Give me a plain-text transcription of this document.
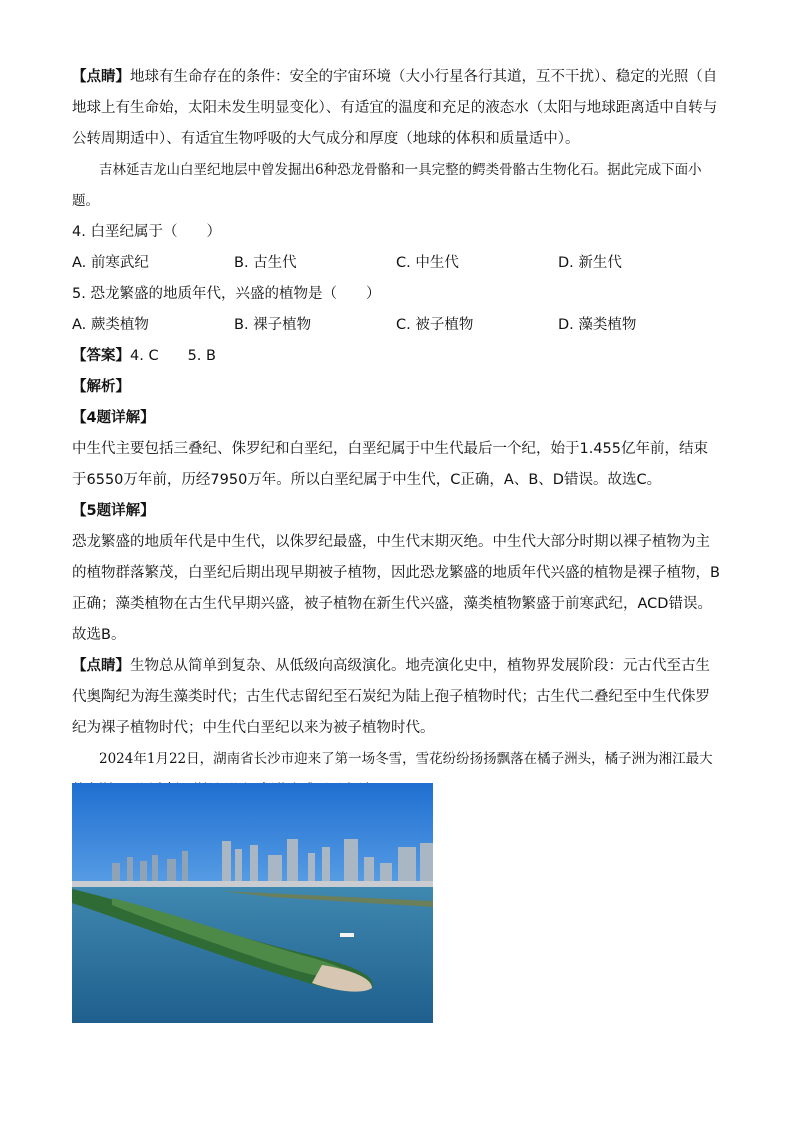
【点睛】地球有生命存在的条件：安全的宇宙环境（大小行星各行其道，互不干扰）、稳定的光照（自地球上有生命始，太阳未发生明显变化）、有适宜的温度和充足的液态水（太阳与地球距离适中自转与公转周期适中）、有适宜生物呼吸的大气成分和厚度（地球的体积和质量适中）。

吉林延吉龙山白垩纪地层中曾发掘出6种恐龙骨骼和一具完整的鳄类骨骼古生物化石。据此完成下面小题。

4. 白垩纪属于（　　）

A. 前寒武纪	B. 古生代	C. 中生代	D. 新生代

5. 恐龙繁盛的地质年代，兴盛的植物是（　　）

A. 蕨类植物	B. 裸子植物	C. 被子植物	D. 藻类植物

【答案】4. C　　5. B

【解析】

【4题详解】

中生代主要包括三叠纪、侏罗纪和白垩纪，白垩纪属于中生代最后一个纪，始于1.455亿年前，结束于6550万年前，历经7950万年。所以白垩纪属于中生代，C正确，A、B、D错误。故选C。

【5题详解】

恐龙繁盛的地质年代是中生代，以侏罗纪最盛，中生代末期灭绝。中生代大部分时期以裸子植物为主的植物群落繁茂，白垩纪后期出现早期被子植物，因此恐龙繁盛的地质年代兴盛的植物是裸子植物，B正确；藻类植物在古生代早期兴盛，被子植物在新生代兴盛，藻类植物繁盛于前寒武纪，ACD错误。故选B。

【点睛】生物总从简单到复杂、从低级向高级演化。地壳演化史中，植物界发展阶段：元古代至古生代奥陶纪为海生藻类时代；古生代志留纪至石炭纪为陆上孢子植物时代；古生代二叠纪至中生代侏罗纪为裸子植物时代；中生代白垩纪以来为被子植物时代。

2024年1月22日，湖南省长沙市迎来了第一场冬雪，雪花纷纷扬扬飘落在橘子洲头，橘子洲为湘江最大
